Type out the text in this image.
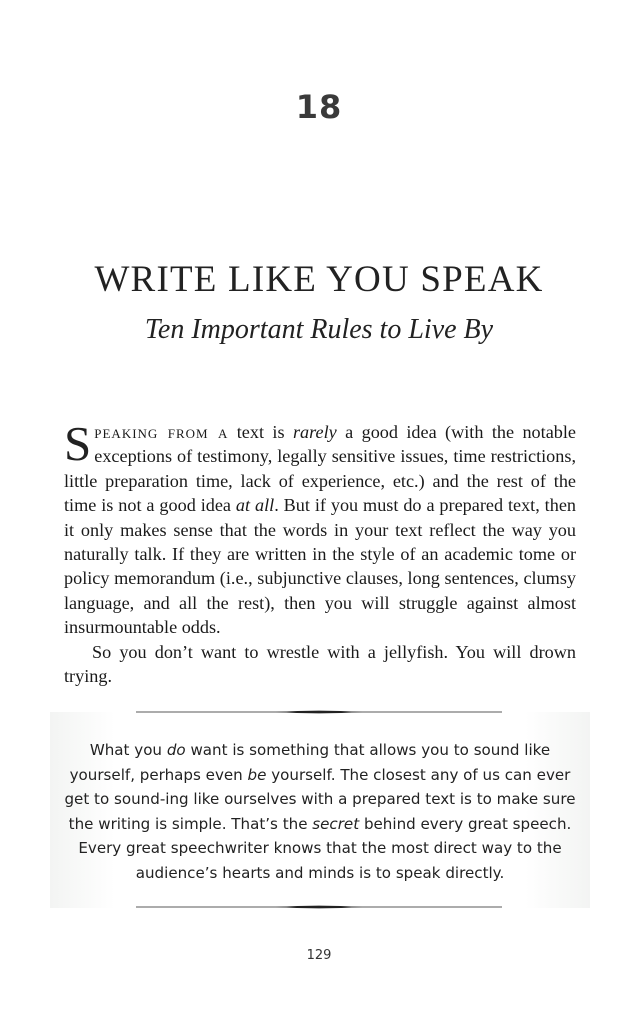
18
WRITE LIKE YOU SPEAK
Ten Important Rules to Live By

Speaking from a text is rarely a good idea (with the notable exceptions of testimony, legally sensitive issues, time restrictions, little preparation time, lack of experience, etc.) and the rest of the time is not a good idea at all. But if you must do a prepared text, then it only makes sense that the words in your text reflect the way you naturally talk. If they are written in the style of an academic tome or policy memorandum (i.e., subjunctive clauses, long sentences, clumsy language, and all the rest), then you will struggle against almost insurmountable odds.

So you don’t want to wrestle with a jellyfish. You will drown trying.

What you do want is something that allows you to sound like yourself, perhaps even be yourself. The closest any of us can ever get to sound-ing like ourselves with a prepared text is to make sure the writing is simple. That’s the secret behind every great speech. Every great speechwriter knows that the most direct way to the audience’s hearts and minds is to speak directly.

129
